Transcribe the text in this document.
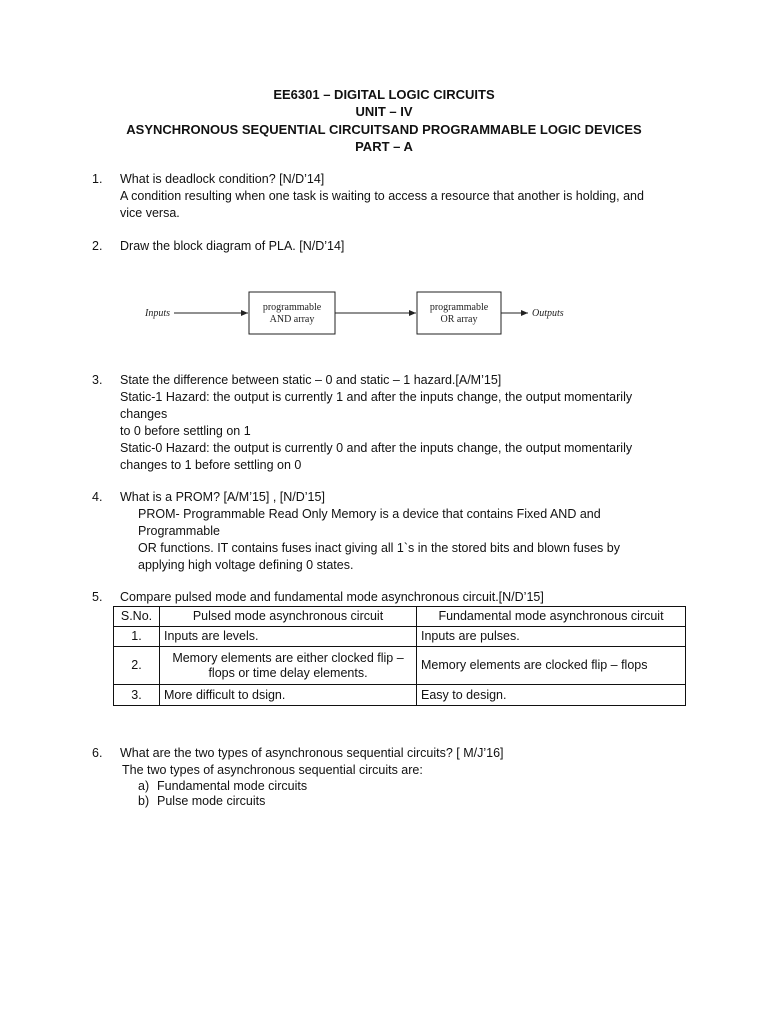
EE6301 – DIGITAL LOGIC CIRCUITS
UNIT – IV
ASYNCHRONOUS SEQUENTIAL CIRCUITSAND PROGRAMMABLE LOGIC DEVICES
PART – A
1. What is deadlock condition? [N/D’14]
A condition resulting when one task is waiting to access a resource that another is holding, and
vice versa.
2. Draw the block diagram of PLA. [N/D’14]
Inputs
programmable
AND array
programmable
OR array
Outputs
3. State the difference between static – 0 and static – 1 hazard.[A/M’15]
Static-1 Hazard: the output is currently 1 and after the inputs change, the output momentarily
changes
to 0 before settling on 1
Static-0 Hazard: the output is currently 0 and after the inputs change, the output momentarily
changes to 1 before settling on 0
4. What is a PROM? [A/M’15] , [N/D’15]
PROM- Programmable Read Only Memory is a device that contains Fixed AND and
Programmable
OR functions. IT contains fuses inact giving all 1`s in the stored bits and blown fuses by
applying high voltage defining 0 states.
5. Compare pulsed mode and fundamental mode asynchronous circuit.[N/D’15]
S.No.	Pulsed mode asynchronous circuit	Fundamental mode asynchronous circuit
1.	Inputs are levels.	Inputs are pulses.
2.	Memory elements are either clocked flip – flops or time delay elements.	Memory elements are clocked flip – flops
3.	More difficult to dsign.	Easy to design.
6. What are the two types of asynchronous sequential circuits? [ M/J’16]
The two types of asynchronous sequential circuits are:
a) Fundamental mode circuits
b) Pulse mode circuits
